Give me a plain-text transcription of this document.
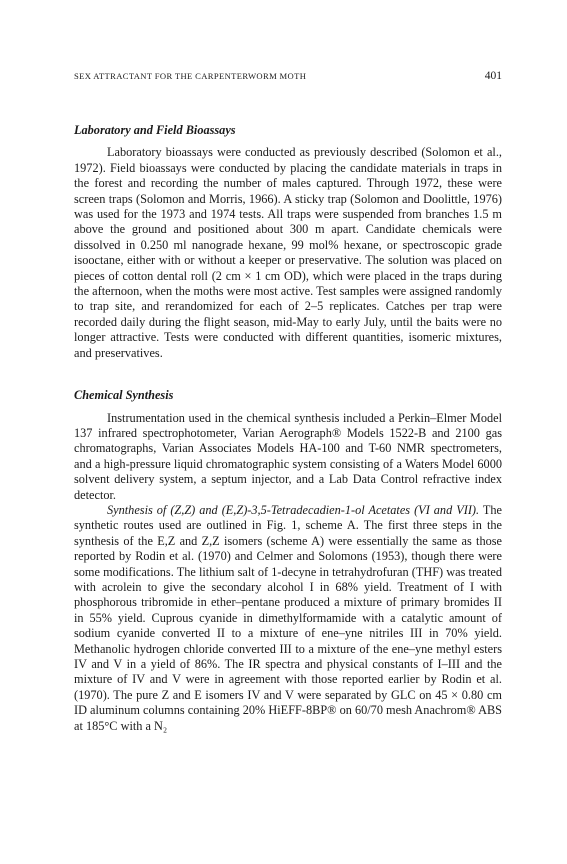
SEX ATTRACTANT FOR THE CARPENTERWORM MOTH	401
Laboratory and Field Bioassays

Laboratory bioassays were conducted as previously described (Solomon et al., 1972). Field bioassays were conducted by placing the candidate materials in traps in the forest and recording the number of males captured. Through 1972, these were screen traps (Solomon and Morris, 1966). A sticky trap (Solomon and Doolittle, 1976) was used for the 1973 and 1974 tests. All traps were suspended from branches 1.5 m above the ground and positioned about 300 m apart. Candidate chemicals were dissolved in 0.250 ml nanograde hexane, 99 mol% hexane, or spectroscopic grade isooctane, either with or without a keeper or preservative. The solution was placed on pieces of cotton dental roll (2 cm × 1 cm OD), which were placed in the traps during the afternoon, when the moths were most active. Test samples were assigned randomly to trap site, and rerandomized for each of 2–5 replicates. Catches per trap were recorded daily during the flight season, mid-May to early July, until the baits were no longer attractive. Tests were conducted with different quantities, isomeric mixtures, and preservatives.

Chemical Synthesis

Instrumentation used in the chemical synthesis included a Perkin–Elmer Model 137 infrared spectrophotometer, Varian Aerograph® Models 1522-B and 2100 gas chromatographs, Varian Associates Models HA-100 and T-60 NMR spectrometers, and a high-pressure liquid chromatographic system consisting of a Waters Model 6000 solvent delivery system, a septum injector, and a Lab Data Control refractive index detector.

Synthesis of (Z,Z) and (E,Z)-3,5-Tetradecadien-1-ol Acetates (VI and VII). The synthetic routes used are outlined in Fig. 1, scheme A. The first three steps in the synthesis of the E,Z and Z,Z isomers (scheme A) were essentially the same as those reported by Rodin et al. (1970) and Celmer and Solomons (1953), though there were some modifications. The lithium salt of 1-decyne in tetrahydrofuran (THF) was treated with acrolein to give the secondary alcohol I in 68% yield. Treatment of I with phosphorous tribromide in ether–pentane produced a mixture of primary bromides II in 55% yield. Cuprous cyanide in dimethylformamide with a catalytic amount of sodium cyanide converted II to a mixture of ene–yne nitriles III in 70% yield. Methanolic hydrogen chloride converted III to a mixture of the ene–yne methyl esters IV and V in a yield of 86%. The IR spectra and physical constants of I–III and the mixture of IV and V were in agreement with those reported earlier by Rodin et al. (1970). The pure Z and E isomers IV and V were separated by GLC on 45 × 0.80 cm ID aluminum columns containing 20% HiEFF-8BP® on 60/70 mesh Anachrom® ABS at 185°C with a N₂
